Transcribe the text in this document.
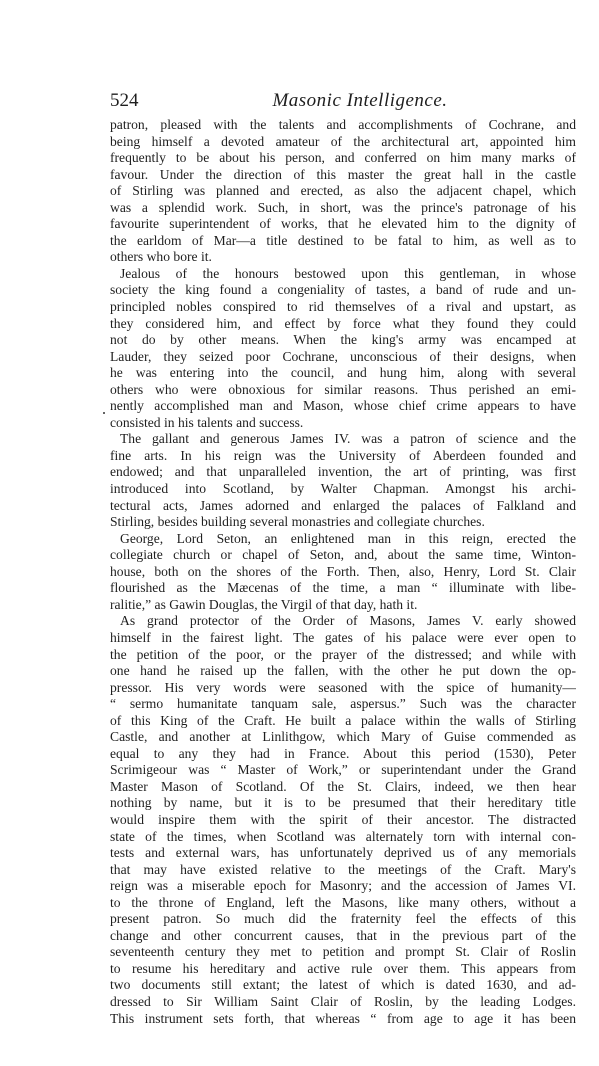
524	Masonic Intelligence.
patron, pleased with the talents and accomplishments of Cochrane, and
being himself a devoted amateur of the architectural art, appointed him
frequently to be about his person, and conferred on him many marks of
favour. Under the direction of this master the great hall in the castle
of Stirling was planned and erected, as also the adjacent chapel, which
was a splendid work. Such, in short, was the prince's patronage of his
favourite superintendent of works, that he elevated him to the dignity of
the earldom of Mar—a title destined to be fatal to him, as well as to
others who bore it.
Jealous of the honours bestowed upon this gentleman, in whose
society the king found a congeniality of tastes, a band of rude and un-
principled nobles conspired to rid themselves of a rival and upstart, as
they considered him, and effect by force what they found they could
not do by other means. When the king's army was encamped at
Lauder, they seized poor Cochrane, unconscious of their designs, when
he was entering into the council, and hung him, along with several
others who were obnoxious for similar reasons. Thus perished an emi-
nently accomplished man and Mason, whose chief crime appears to have
consisted in his talents and success.
The gallant and generous James IV. was a patron of science and the
fine arts. In his reign was the University of Aberdeen founded and
endowed; and that unparalleled invention, the art of printing, was first
introduced into Scotland, by Walter Chapman. Amongst his archi-
tectural acts, James adorned and enlarged the palaces of Falkland and
Stirling, besides building several monastries and collegiate churches.
George, Lord Seton, an enlightened man in this reign, erected the
collegiate church or chapel of Seton, and, about the same time, Winton-
house, both on the shores of the Forth. Then, also, Henry, Lord St. Clair
flourished as the Mæcenas of the time, a man “ illuminate with libe-
ralitie,” as Gawin Douglas, the Virgil of that day, hath it.
As grand protector of the Order of Masons, James V. early showed
himself in the fairest light. The gates of his palace were ever open to
the petition of the poor, or the prayer of the distressed; and while with
one hand he raised up the fallen, with the other he put down the op-
pressor. His very words were seasoned with the spice of humanity—
“ sermo humanitate tanquam sale, aspersus.” Such was the character
of this King of the Craft. He built a palace within the walls of Stirling
Castle, and another at Linlithgow, which Mary of Guise commended as
equal to any they had in France. About this period (1530), Peter
Scrimigeour was “ Master of Work,” or superintendant under the Grand
Master Mason of Scotland. Of the St. Clairs, indeed, we then hear
nothing by name, but it is to be presumed that their hereditary title
would inspire them with the spirit of their ancestor. The distracted
state of the times, when Scotland was alternately torn with internal con-
tests and external wars, has unfortunately deprived us of any memorials
that may have existed relative to the meetings of the Craft. Mary's
reign was a miserable epoch for Masonry; and the accession of James VI.
to the throne of England, left the Masons, like many others, without a
present patron. So much did the fraternity feel the effects of this
change and other concurrent causes, that in the previous part of the
seventeenth century they met to petition and prompt St. Clair of Roslin
to resume his hereditary and active rule over them. This appears from
two documents still extant; the latest of which is dated 1630, and ad-
dressed to Sir William Saint Clair of Roslin, by the leading Lodges.
This instrument sets forth, that whereas “ from age to age it has been
